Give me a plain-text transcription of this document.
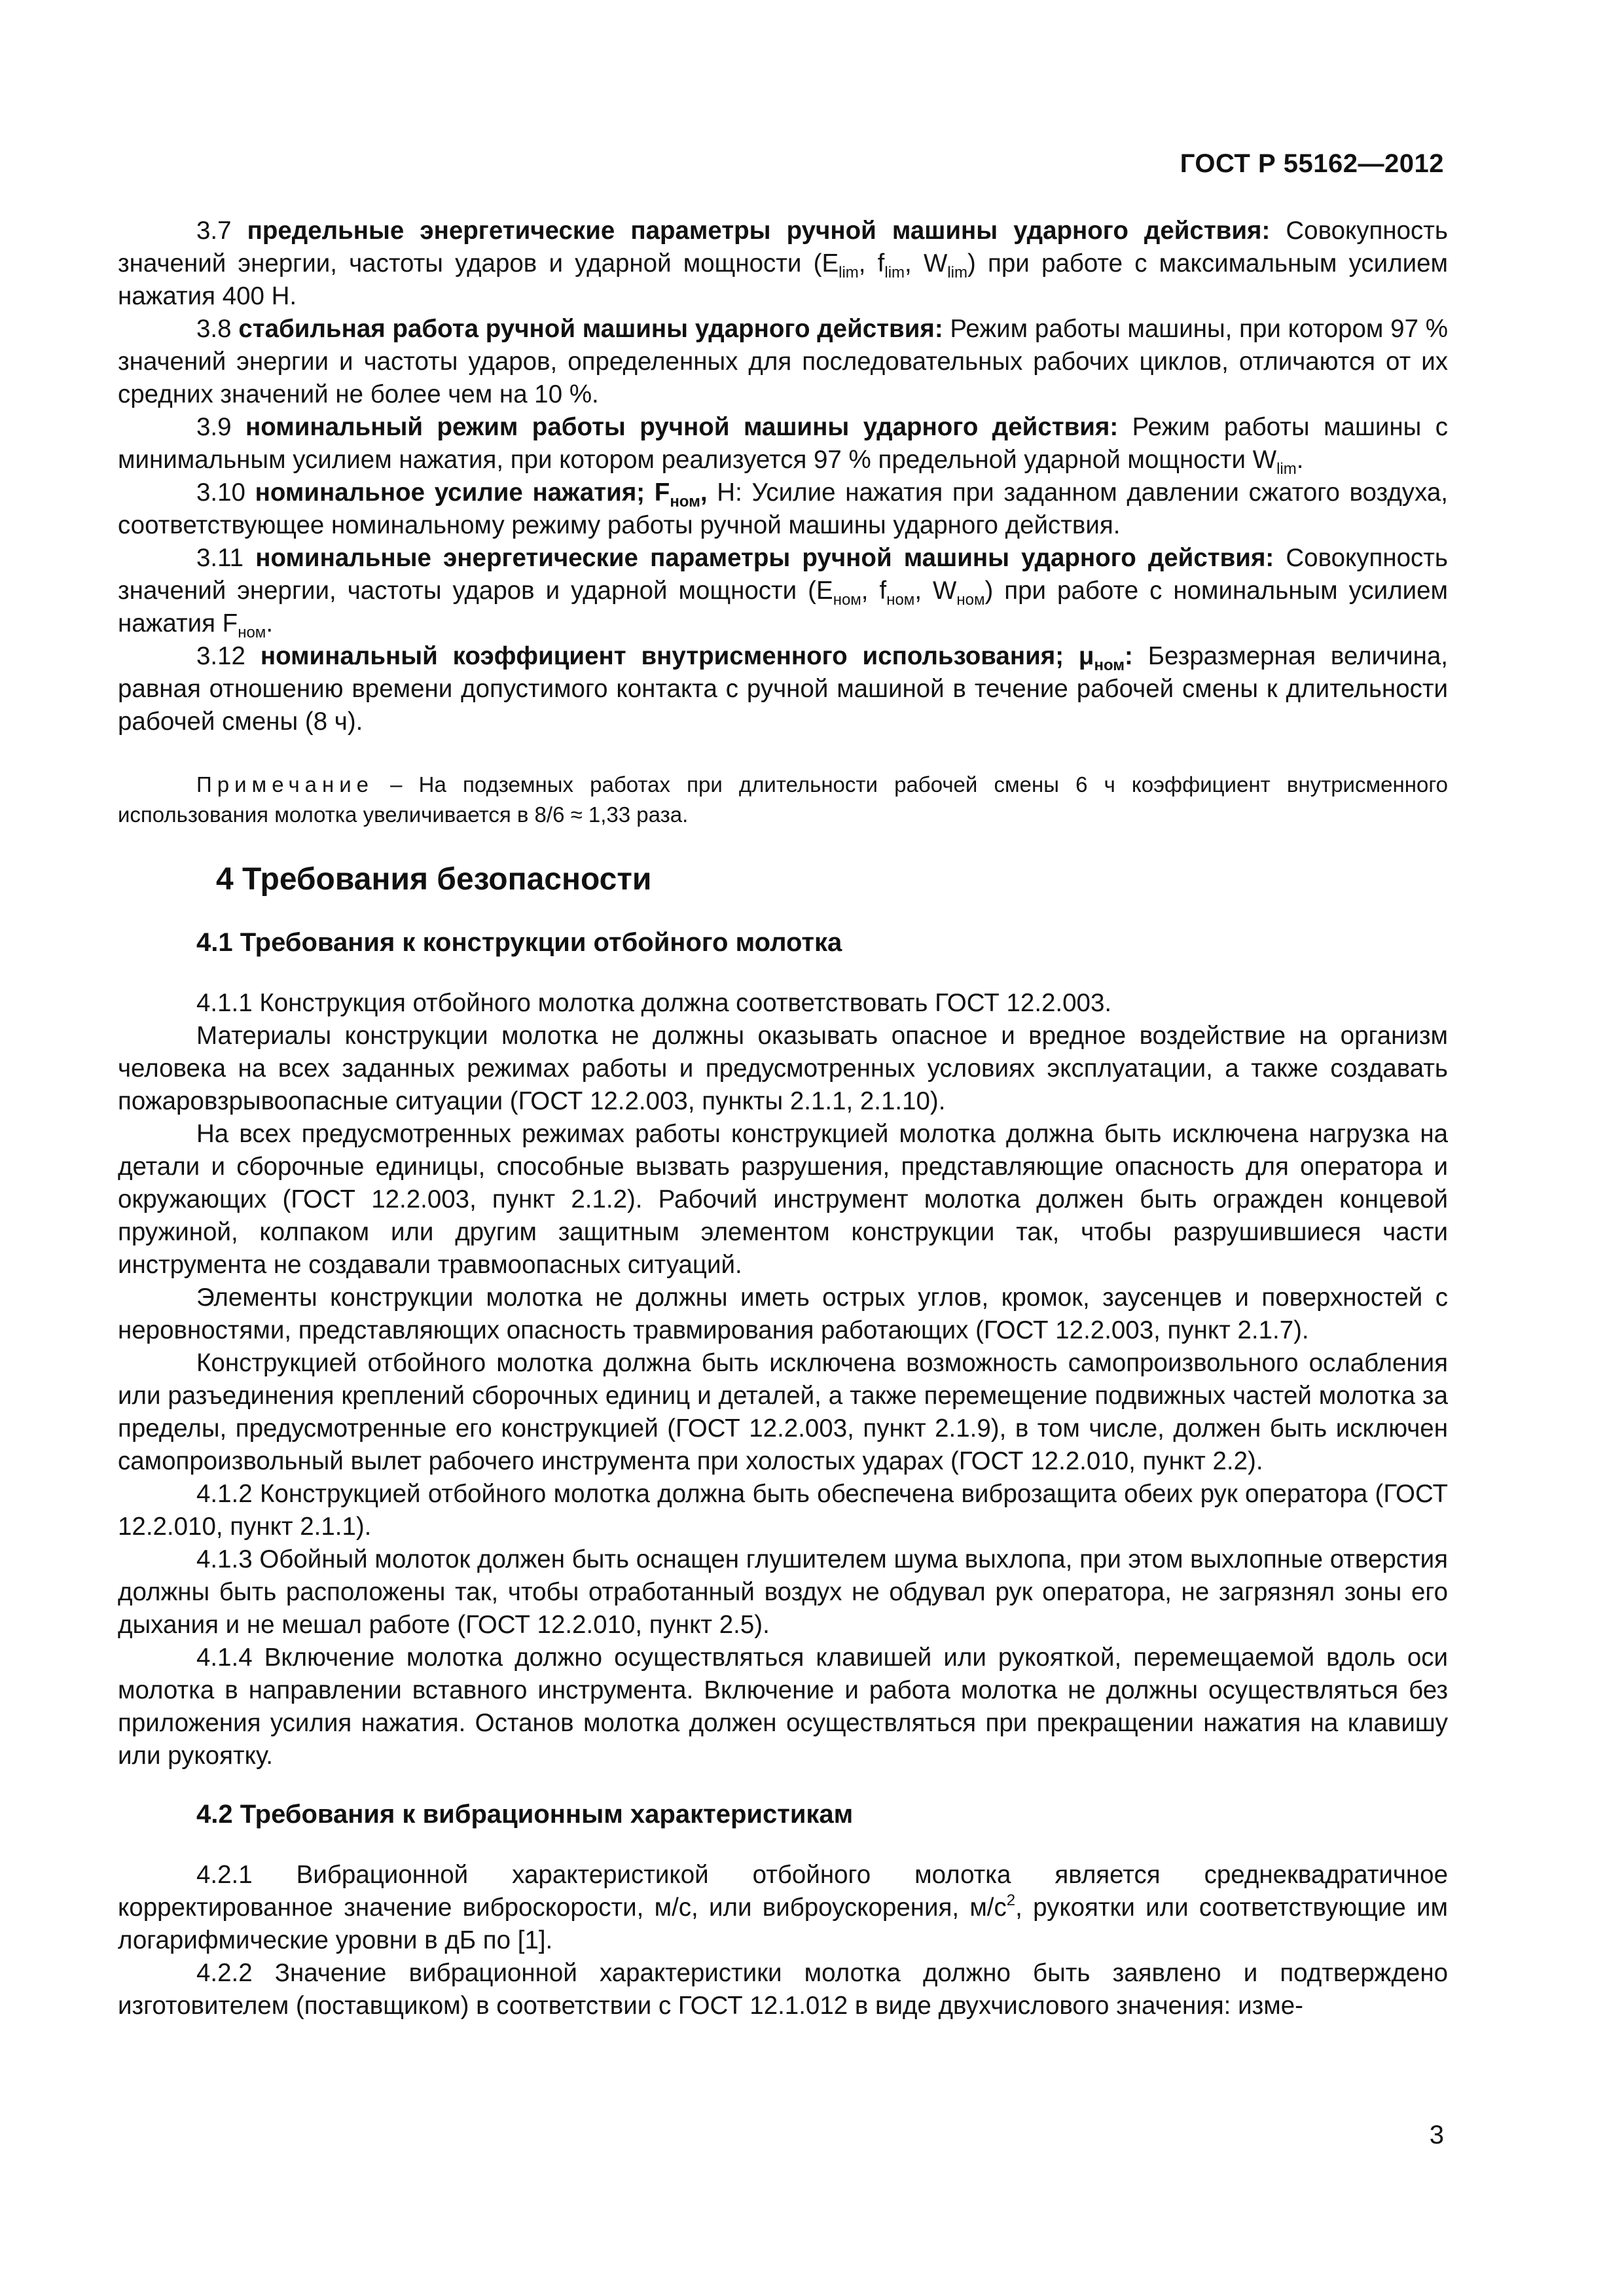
ГОСТ Р 55162—2012

3.7 предельные энергетические параметры ручной машины ударного действия: Совокупность значений энергии, частоты ударов и ударной мощности ($E_{lim}$, $f_{lim}$, $W_{lim}$) при работе с максимальным усилием нажатия 400 Н.

3.8 стабильная работа ручной машины ударного действия: Режим работы машины, при котором 97 % значений энергии и частоты ударов, определенных для последовательных рабочих циклов, отличаются от их средних значений не более чем на 10 %.

3.9 номинальный режим работы ручной машины ударного действия: Режим работы машины с минимальным усилием нажатия, при котором реализуется 97 % предельной ударной мощности $W_{lim}$.

3.10 номинальное усилие нажатия; $F_{ном}$, Н: Усилие нажатия при заданном давлении сжатого воздуха, соответствующее номинальному режиму работы ручной машины ударного действия.

3.11 номинальные энергетические параметры ручной машины ударного действия: Совокупность значений энергии, частоты ударов и ударной мощности ($E_{ном}$, $f_{ном}$, $W_{ном}$) при работе с номинальным усилием нажатия $F_{ном}$.

3.12 номинальный коэффициент внутрисменного использования; $\mu_{ном}$: Безразмерная величина, равная отношению времени допустимого контакта с ручной машиной в течение рабочей смены к длительности рабочей смены (8 ч).

Примечание – На подземных работах при длительности рабочей смены 6 ч коэффициент внутрисменного использования молотка увеличивается в 8/6 ≈ 1,33 раза.

4 Требования безопасности
4.1 Требования к конструкции отбойного молотка

4.1.1 Конструкция отбойного молотка должна соответствовать ГОСТ 12.2.003.

Материалы конструкции молотка не должны оказывать опасное и вредное воздействие на организм человека на всех заданных режимах работы и предусмотренных условиях эксплуатации, а также создавать пожаровзрывоопасные ситуации (ГОСТ 12.2.003, пункты 2.1.1, 2.1.10).

На всех предусмотренных режимах работы конструкцией молотка должна быть исключена нагрузка на детали и сборочные единицы, способные вызвать разрушения, представляющие опасность для оператора и окружающих (ГОСТ 12.2.003, пункт 2.1.2). Рабочий инструмент молотка должен быть огражден концевой пружиной, колпаком или другим защитным элементом конструкции так, чтобы разрушившиеся части инструмента не создавали травмоопасных ситуаций.

Элементы конструкции молотка не должны иметь острых углов, кромок, заусенцев и поверхностей с неровностями, представляющих опасность травмирования работающих (ГОСТ 12.2.003, пункт 2.1.7).

Конструкцией отбойного молотка должна быть исключена возможность самопроизвольного ослабления или разъединения креплений сборочных единиц и деталей, а также перемещение подвижных частей молотка за пределы, предусмотренные его конструкцией (ГОСТ 12.2.003, пункт 2.1.9), в том числе, должен быть исключен самопроизвольный вылет рабочего инструмента при холостых ударах (ГОСТ 12.2.010, пункт 2.2).

4.1.2 Конструкцией отбойного молотка должна быть обеспечена виброзащита обеих рук оператора (ГОСТ 12.2.010, пункт 2.1.1).

4.1.3 Обойный молоток должен быть оснащен глушителем шума выхлопа, при этом выхлопные отверстия должны быть расположены так, чтобы отработанный воздух не обдувал рук оператора, не загрязнял зоны его дыхания и не мешал работе (ГОСТ 12.2.010, пункт 2.5).

4.1.4 Включение молотка должно осуществляться клавишей или рукояткой, перемещаемой вдоль оси молотка в направлении вставного инструмента. Включение и работа молотка не должны осуществляться без приложения усилия нажатия. Останов молотка должен осуществляться при прекращении нажатия на клавишу или рукоятку.

4.2 Требования к вибрационным характеристикам

4.2.1 Вибрационной характеристикой отбойного молотка является среднеквадратичное корректированное значение виброскорости, м/с, или виброускорения, $м/с^2$, рукоятки или соответствующие им логарифмические уровни в дБ по [1].

4.2.2 Значение вибрационной характеристики молотка должно быть заявлено и подтверждено изготовителем (поставщиком) в соответствии с ГОСТ 12.1.012 в виде двухчислового значения: изме-

3
